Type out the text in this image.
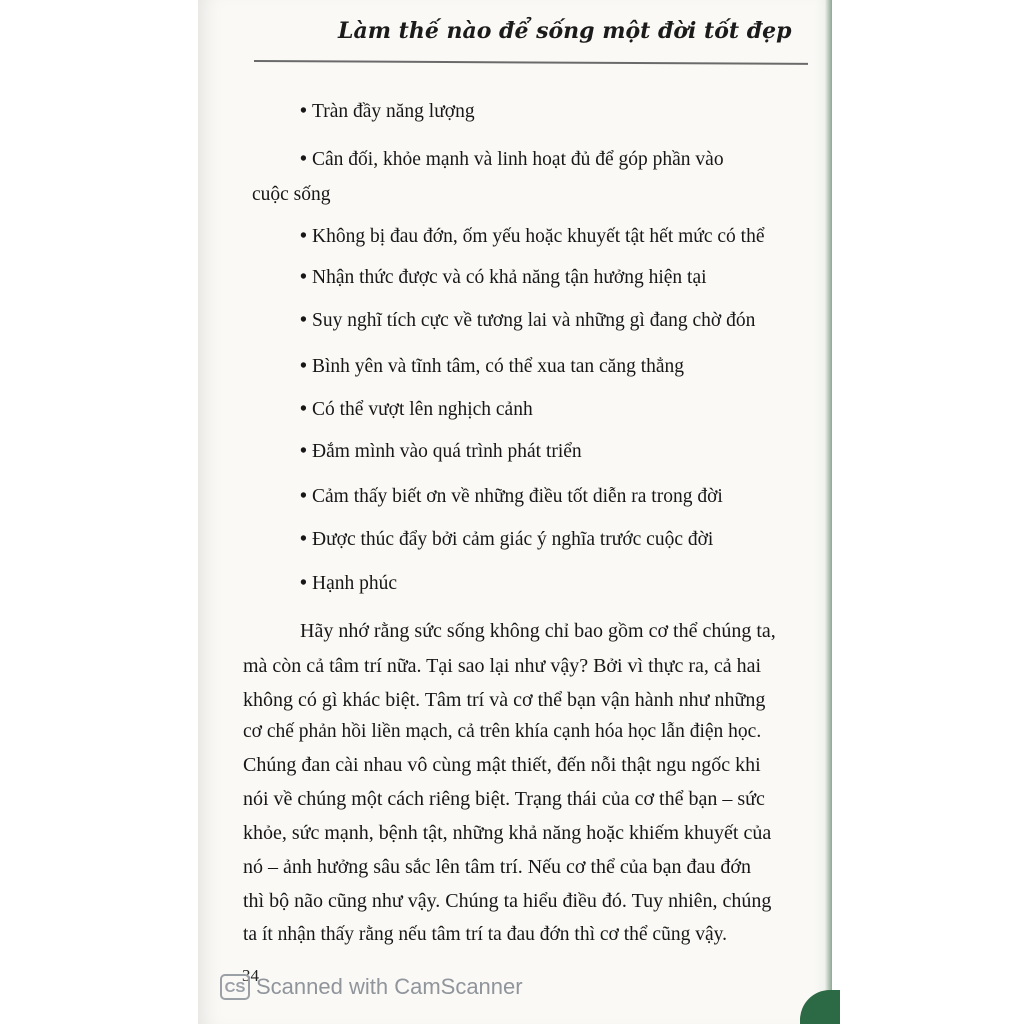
Làm thế nào để sống một đời tốt đẹp
• Tràn đầy năng lượng
• Cân đối, khỏe mạnh và linh hoạt đủ để góp phần vào
cuộc sống
• Không bị đau đớn, ốm yếu hoặc khuyết tật hết mức có thể
• Nhận thức được và có khả năng tận hưởng hiện tại
• Suy nghĩ tích cực về tương lai và những gì đang chờ đón
• Bình yên và tĩnh tâm, có thể xua tan căng thẳng
• Có thể vượt lên nghịch cảnh
• Đắm mình vào quá trình phát triển
• Cảm thấy biết ơn về những điều tốt diễn ra trong đời
• Được thúc đẩy bởi cảm giác ý nghĩa trước cuộc đời
• Hạnh phúc
Hãy nhớ rằng sức sống không chỉ bao gồm cơ thể chúng ta,
mà còn cả tâm trí nữa. Tại sao lại như vậy? Bởi vì thực ra, cả hai
không có gì khác biệt. Tâm trí và cơ thể bạn vận hành như những
cơ chế phản hồi liền mạch, cả trên khía cạnh hóa học lẫn điện học.
Chúng đan cài nhau vô cùng mật thiết, đến nỗi thật ngu ngốc khi
nói về chúng một cách riêng biệt. Trạng thái của cơ thể bạn – sức
khỏe, sức mạnh, bệnh tật, những khả năng hoặc khiếm khuyết của
nó – ảnh hưởng sâu sắc lên tâm trí. Nếu cơ thể của bạn đau đớn
thì bộ não cũng như vậy. Chúng ta hiểu điều đó. Tuy nhiên, chúng
ta ít nhận thấy rằng nếu tâm trí ta đau đớn thì cơ thể cũng vậy.
34
CS Scanned with CamScanner
